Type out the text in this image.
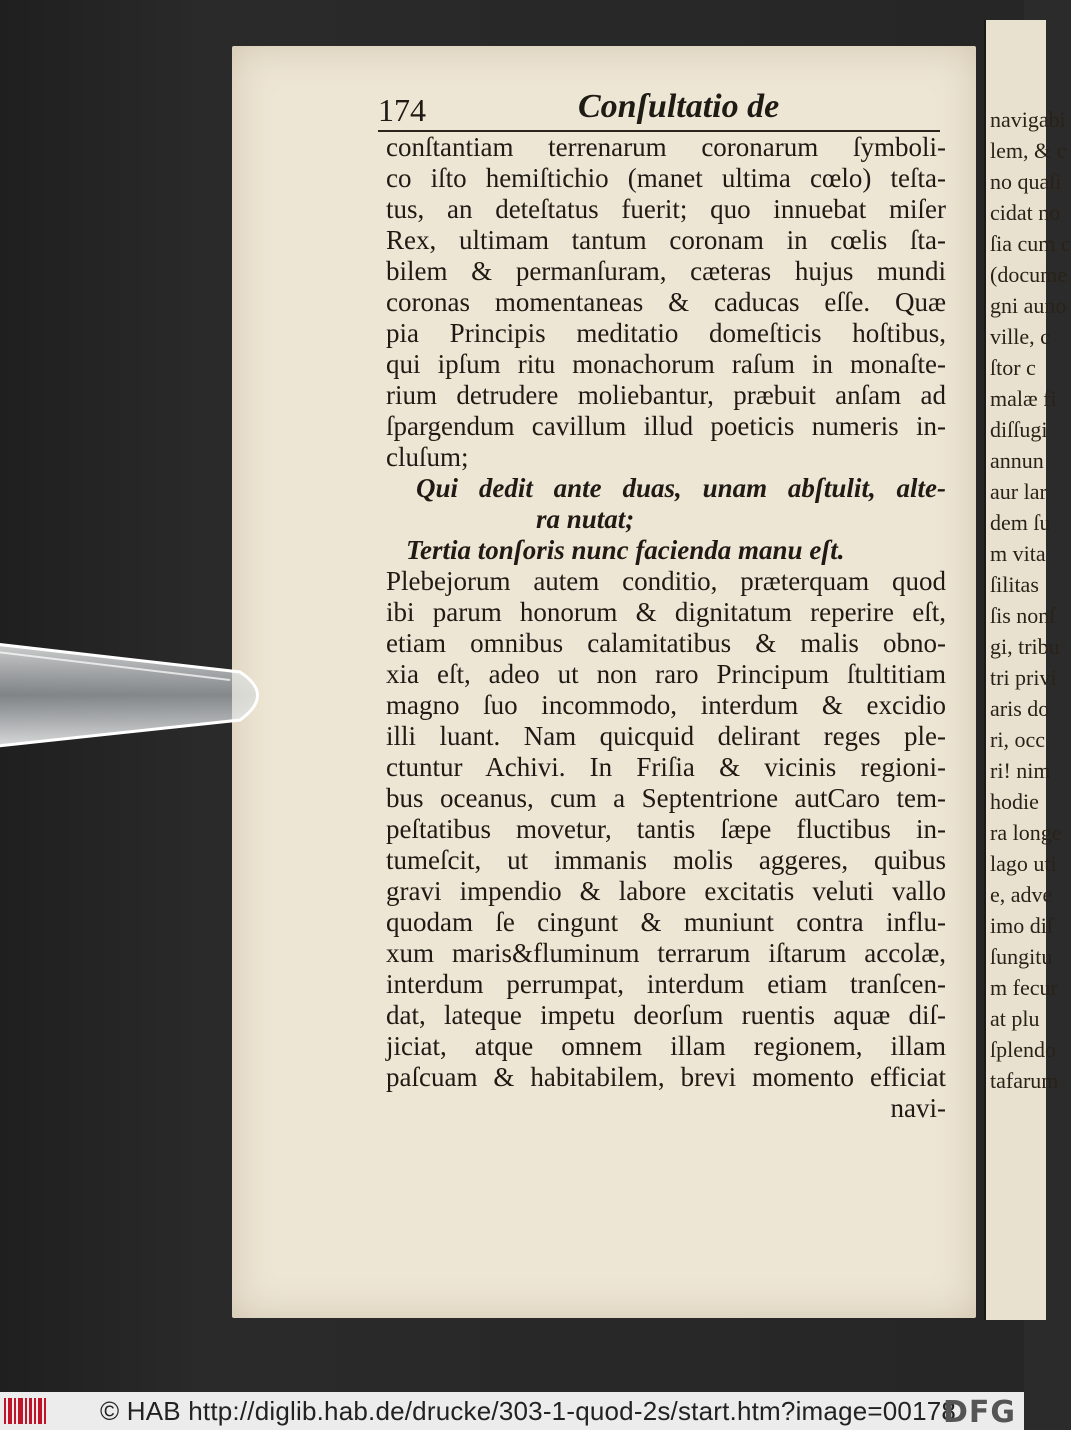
navigabi

lem, & c

no quaſi

cidat no

ſia cum c

(docume

gni auno

ville, c

ſtor c

malæ fi

diſſugi

annun

aur lar

dem ſu

m vita

ſilitas

ſis nonſ

gi, tribu

tri privi

aris do

ri, occ

ri! nim

hodie

ra longe

lago uti

e, adve

imo diſ

ſungitu

m fecur

at plu

ſplendo

tafarum

174	Conſultatio de

conſtantiam terrenarum coronarum ſymboli-

co iſto hemiſtichio (manet ultima cœlo) teſta-

tus, an deteſtatus fuerit; quo innuebat miſer

Rex, ultimam tantum coronam in cœlis ſta-

bilem & permanſuram, cæteras hujus mundi

coronas momentaneas & caducas eſſe. Quæ

pia Principis meditatio domeſticis hoſtibus,

qui ipſum ritu monachorum raſum in monaſte-

rium detrudere moliebantur, præbuit anſam ad

ſpargendum cavillum illud poeticis numeris in-

cluſum;

Qui dedit ante duas, unam abſtulit, alte-

ra nutat;

Tertia tonſoris nunc facienda manu eſt.

Plebejorum autem conditio, præterquam quod

ibi parum honorum & dignitatum reperire eſt,

etiam omnibus calamitatibus & malis obno-

xia eſt, adeo ut non raro Principum ſtultitiam

magno ſuo incommodo, interdum & excidio

illi luant. Nam quicquid delirant reges ple-

ctuntur Achivi. In Friſia & vicinis regioni-

bus oceanus, cum a Septentrione autCaro tem-

peſtatibus movetur, tantis ſæpe fluctibus in-

tumeſcit, ut immanis molis aggeres, quibus

gravi impendio & labore excitatis veluti vallo

quodam ſe cingunt & muniunt contra influ-

xum maris&fluminum terrarum iſtarum accolæ,

interdum perrumpat, interdum etiam tranſcen-

dat, lateque impetu deorſum ruentis aquæ diſ-

jiciat, atque omnem illam regionem, illam

paſcuam & habitabilem, brevi momento efficiat

navi-

© HAB http://diglib.hab.de/drucke/303-1-quod-2s/start.htm?image=00178
DFG
